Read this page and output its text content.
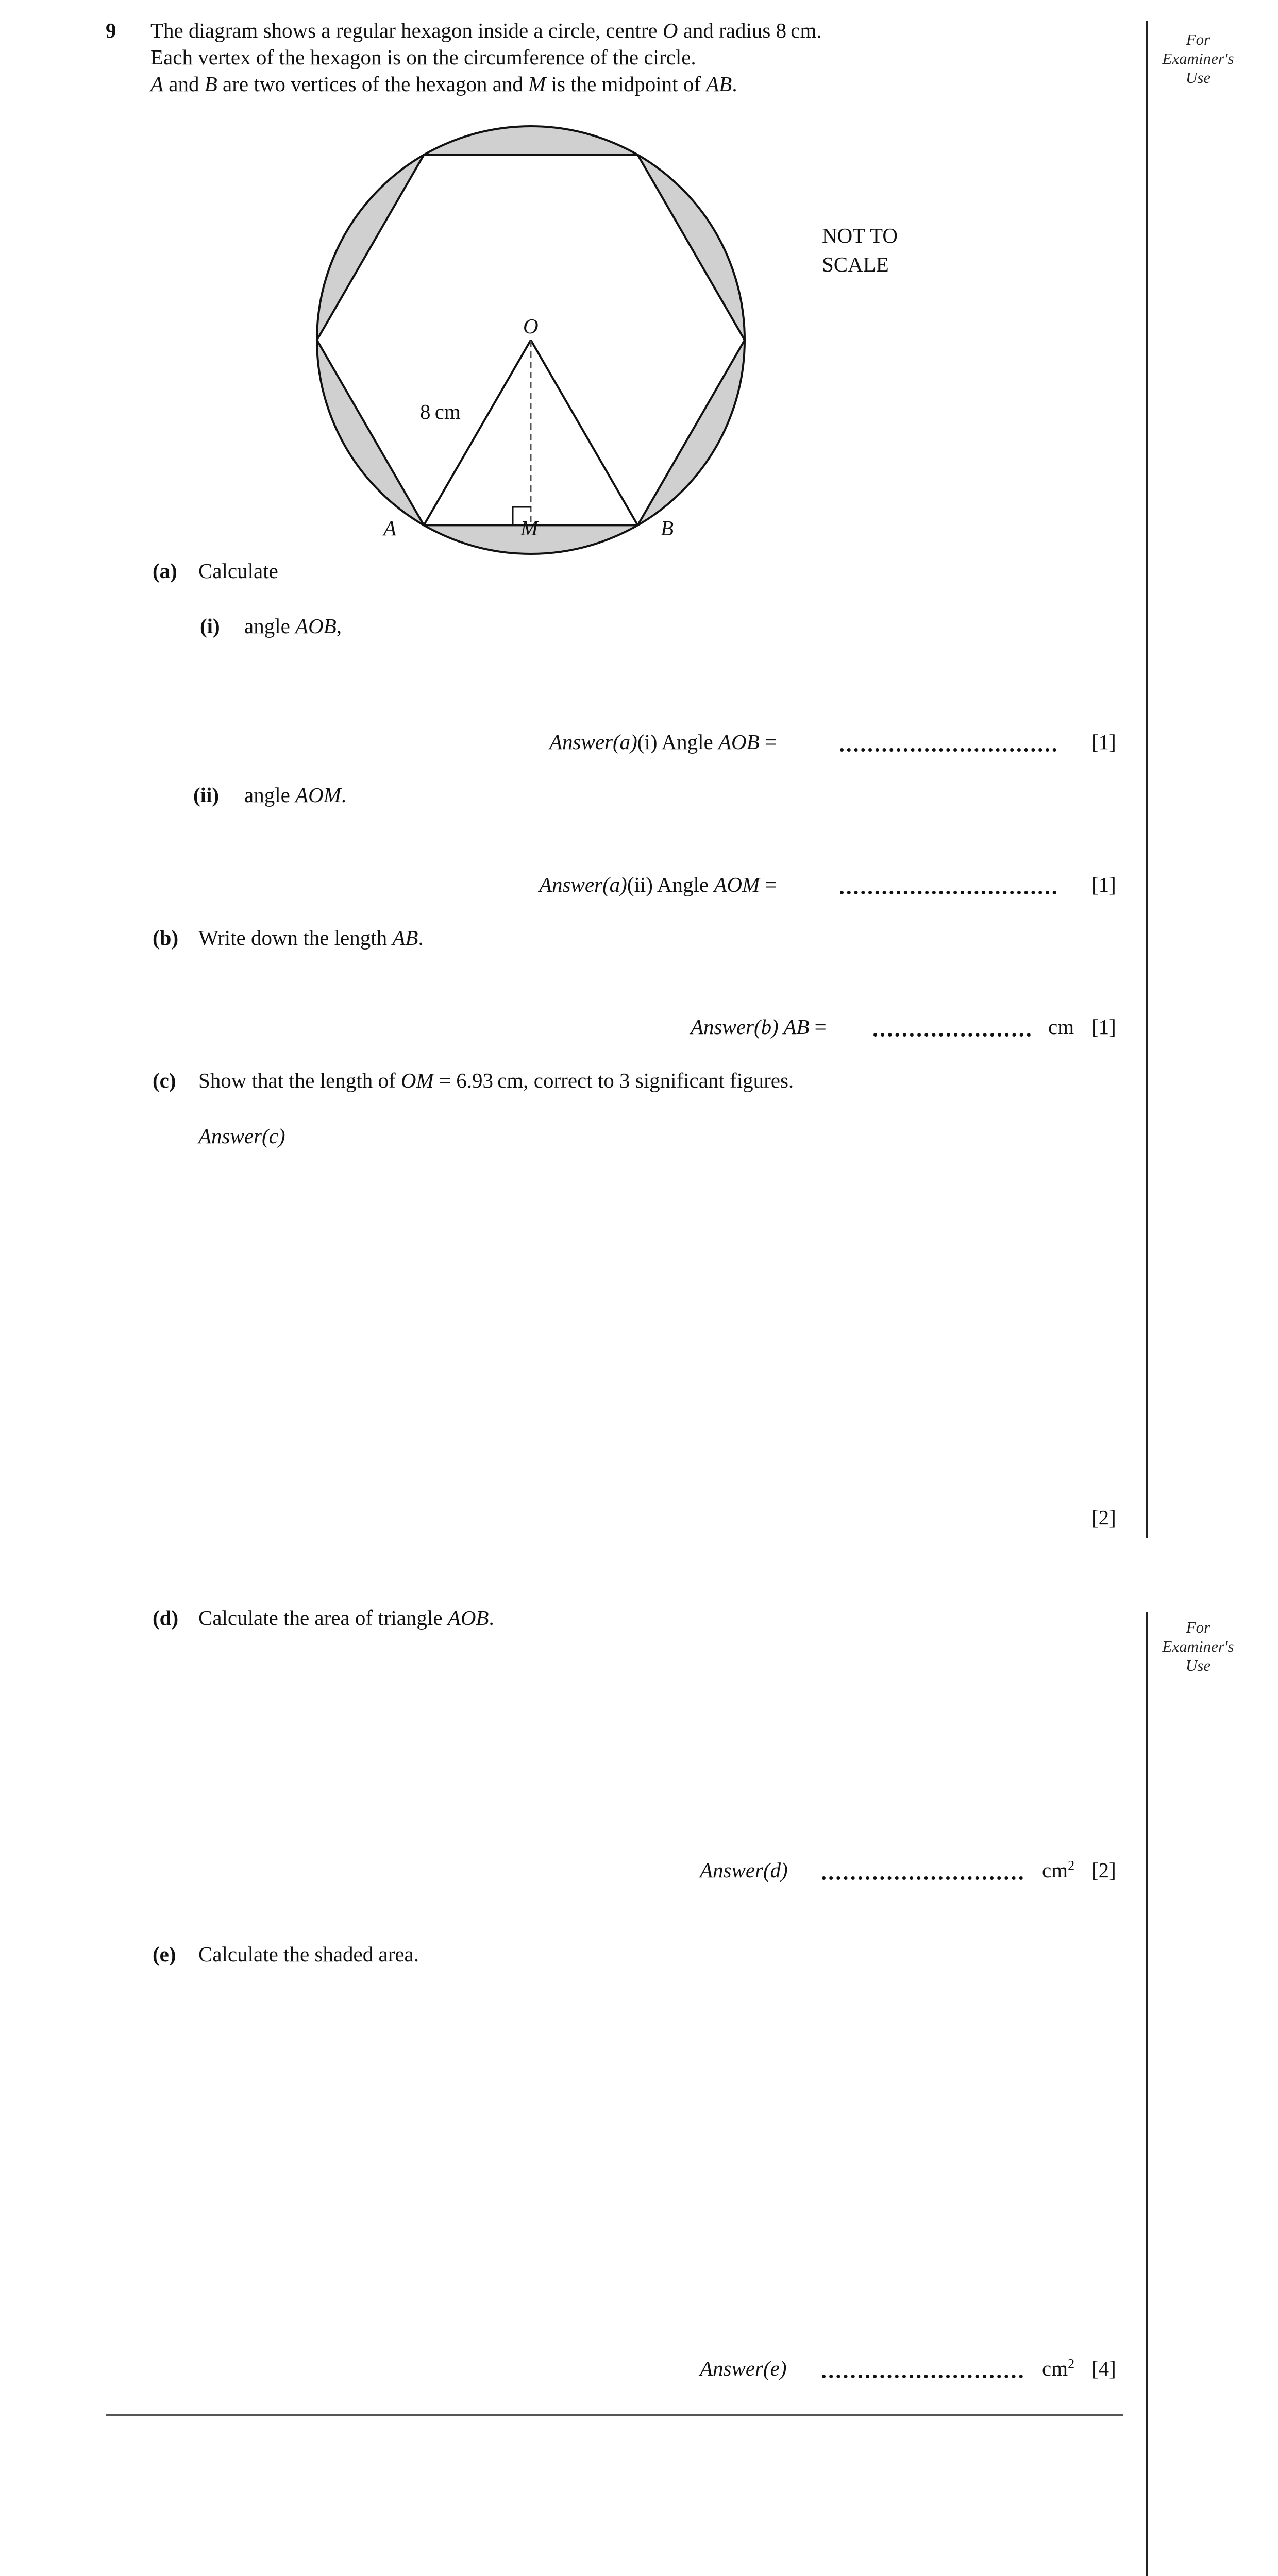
9 The diagram shows a regular hexagon inside a circle, centre O and radius 8 cm.
Each vertex of the hexagon is on the circumference of the circle.
A and B are two vertices of the hexagon and M is the midpoint of AB.
For
Examiner's
Use
O
A	B
M
8 cm
NOT TO
SCALE
(a) Calculate
(i) angle AOB,
Answer(a)(i) Angle AOB =	[1]
(ii) angle AOM.
Answer(a)(ii) Angle AOM =	[1]
(b) Write down the length AB.
Answer(b) AB =	cm [1]
(c) Show that the length of OM = 6.93 cm, correct to 3 significant figures.
Answer(c)
[2]
For
Examiner's
Use
(d) Calculate the area of triangle AOB.
Answer(d)	$cm^2$ [2]
(e) Calculate the shaded area.
Answer(e)	$cm^2$ [4]
